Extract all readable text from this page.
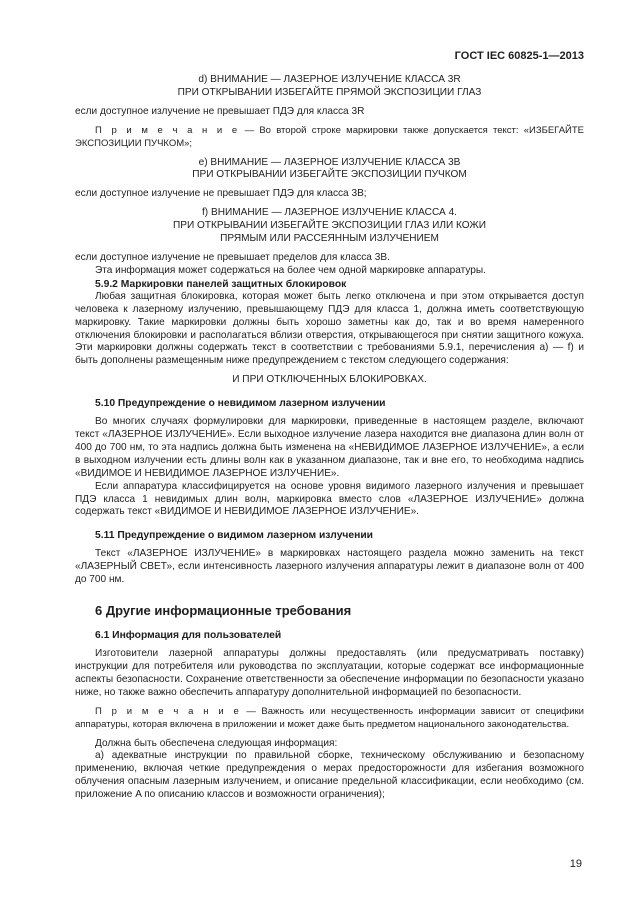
ГОСТ IEC 60825-1—2013

d) ВНИМАНИЕ — ЛАЗЕРНОЕ ИЗЛУЧЕНИЕ КЛАССА 3R
ПРИ ОТКРЫВАНИИ ИЗБЕГАЙТЕ ПРЯМОЙ ЭКСПОЗИЦИИ ГЛАЗ

если доступное излучение не превышает ПДЭ для класса 3R

П р и м е ч а н и е — Во второй строке маркировки также допускается текст: «ИЗБЕГАЙТЕ ЭКСПОЗИЦИИ ПУЧКОМ»;

e) ВНИМАНИЕ — ЛАЗЕРНОЕ ИЗЛУЧЕНИЕ КЛАССА 3B
ПРИ ОТКРЫВАНИИ ИЗБЕГАЙТЕ ЭКСПОЗИЦИИ ПУЧКОМ

если доступное излучение не превышает ПДЭ для класса 3B;

f) ВНИМАНИЕ — ЛАЗЕРНОЕ ИЗЛУЧЕНИЕ КЛАССА 4.
ПРИ ОТКРЫВАНИИ ИЗБЕГАЙТЕ ЭКСПОЗИЦИИ ГЛАЗ ИЛИ КОЖИ
ПРЯМЫМ ИЛИ РАССЕЯННЫМ ИЗЛУЧЕНИЕМ

если доступное излучение не превышает пределов для класса 3B.

Эта информация может содержаться на более чем одной маркировке аппаратуры.

5.9.2 Маркировки панелей защитных блокировок

Любая защитная блокировка, которая может быть легко отключена и при этом открывается доступ человека к лазерному излучению, превышающему ПДЭ для класса 1, должна иметь соответствующую маркировку. Такие маркировки должны быть хорошо заметны как до, так и во время намеренного отключения блокировки и располагаться вблизи отверстия, открывающегося при снятии защитного кожуха. Эти маркировки должны содержать текст в соответствии с требованиями 5.9.1, перечисления a) — f) и быть дополнены размещенным ниже предупреждением с текстом следующего содержания:

И ПРИ ОТКЛЮЧЕННЫХ БЛОКИРОВКАХ.

5.10 Предупреждение о невидимом лазерном излучении

Во многих случаях формулировки для маркировки, приведенные в настоящем разделе, включают текст «ЛАЗЕРНОЕ ИЗЛУЧЕНИЕ». Если выходное излучение лазера находится вне диапазона длин волн от 400 до 700 нм, то эта надпись должна быть изменена на «НЕВИДИМОЕ ЛАЗЕРНОЕ ИЗЛУЧЕНИЕ», а если в выходном излучении есть длины волн как в указанном диапазоне, так и вне его, то необходима надпись «ВИДИМОЕ И НЕВИДИМОЕ ЛАЗЕРНОЕ ИЗЛУЧЕНИЕ».

Если аппаратура классифицируется на основе уровня видимого лазерного излучения и превышает ПДЭ класса 1 невидимых длин волн, маркировка вместо слов «ЛАЗЕРНОЕ ИЗЛУЧЕНИЕ» должна содержать текст «ВИДИМОЕ И НЕВИДИМОЕ ЛАЗЕРНОЕ ИЗЛУЧЕНИЕ».

5.11 Предупреждение о видимом лазерном излучении

Текст «ЛАЗЕРНОЕ ИЗЛУЧЕНИЕ» в маркировках настоящего раздела можно заменить на текст «ЛАЗЕРНЫЙ СВЕТ», если интенсивность лазерного излучения аппаратуры лежит в диапазоне волн от 400 до 700 нм.

6 Другие информационные требования
6.1 Информация для пользователей

Изготовители лазерной аппаратуры должны предоставлять (или предусматривать поставку) инструкции для потребителя или руководства по эксплуатации, которые содержат все информационные аспекты безопасности. Сохранение ответственности за обеспечение информации по безопасности указано ниже, но также важно обеспечить аппаратуру дополнительной информацией по безопасности.

П р и м е ч а н и е — Важность или несущественность информации зависит от специфики аппаратуры, которая включена в приложении и может даже быть предметом национального законодательства.

Должна быть обеспечена следующая информация:

a) адекватные инструкции по правильной сборке, техническому обслуживанию и безопасному применению, включая четкие предупреждения о мерах предосторожности для избегания возможного облучения опасным лазерным излучением, и описание предельной классификации, если необходимо (см. приложение A по описанию классов и возможности ограничения);

19
